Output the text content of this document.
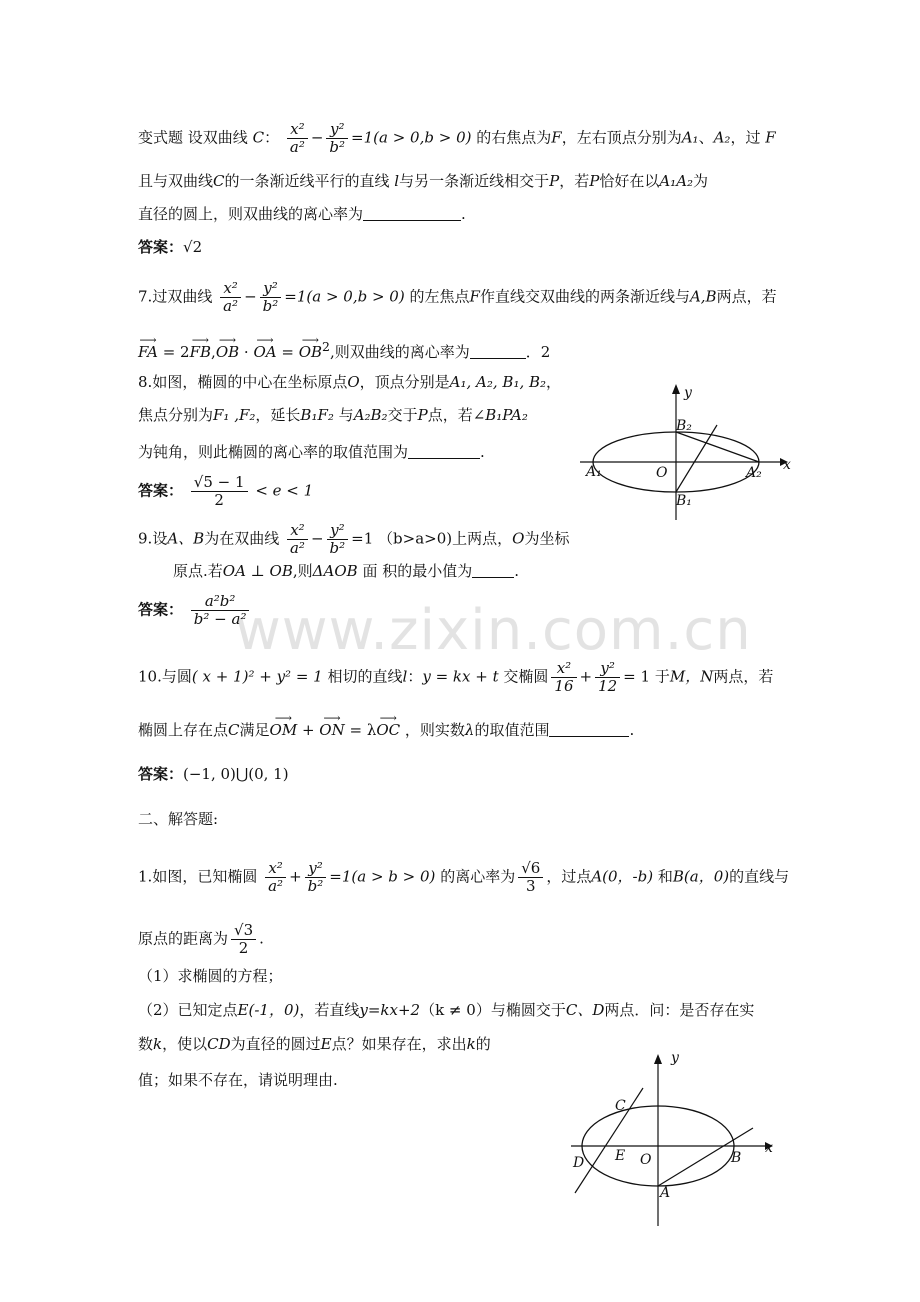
www.zixin.com.cn
变式题 设双曲线 C： $\frac{\text{x²}}{\text{a²}} - \frac{\text{y²}}{\text{b²}} =1(a > 0,b > 0)$ 的右焦点为F，左右顶点分别为A₁、A₂，过 F
且与双曲线C的一条渐近线平行的直线 l与另一条渐近线相交于P，若P恰好在以A₁A₂为
直径的圆上，则双曲线的离心率为	.
答案：√2
7.过双曲线 $\frac{\text{x²}}{\text{a²}} - \frac{\text{y²}}{\text{b²}} =1(a > 0,b > 0)$ 的左焦点F作直线交双曲线的两条渐近线与A,B两点，若
⟶ FA = 2⟶ FB,⟶ OB · ⟶ OA = ⟶ $OB^2$,则双曲线的离心率为	．2
8.如图，椭圆的中心在坐标原点O，顶点分别是A₁, A₂, B₁, B₂，
焦点分别为F₁ ,F₂，延长B₁F₂ 与A₂B₂交于P点，若∠B₁PA₂
为钝角，则此椭圆的离心率的取值范围为	.
答案： $\frac{√5 - 1}{2} < e < 1$
y
x
B₂
A₁	O	A₂
B₁
9.设A、B为在双曲线 $\frac{\text{x²}}{\text{a²}} - \frac{\text{y²}}{\text{b²}} =1$ （b>a>0)上两点，O为坐标
原点.若OA ⊥ OB,则ΔAOB 面 积的最小值为	.
答案： $\frac{\text{a²b²}}{\text{b² − a²}}$
10.与圆( x + 1)² + y² = 1 相切的直线l：y = kx + t 交椭圆 $\frac{\text{x²}}{16} + \frac{\text{y²}}{12} = 1$ 于M，N两点，若
椭圆上存在点C满足⟶ OM + ⟶ ON = λ⟶ OC ，则实数λ的取值范围	.
答案：(−1, 0)⋃(0, 1)
二、解答题:
1.如图，已知椭圆 $\frac{\text{x²}}{\text{a²}} + \frac{\text{y²}}{\text{b²}} =1(a > b > 0)$ 的离心率为 $\frac{√6}{3}$ ，过点A(0，-b) 和B(a，0)的直线与
原点的距离为 $\frac{√3}{2}$ .
（1）求椭圆的方程；
（2）已知定点E(-1，0)，若直线y=kx+2（k ≠ 0）与椭圆交于C、D两点．问：是否存在实
数k，使以CD为直径的圆过E点？如果存在，求出k的
值；如果不存在，请说明理由.
y
x
C
D E O	B
A
